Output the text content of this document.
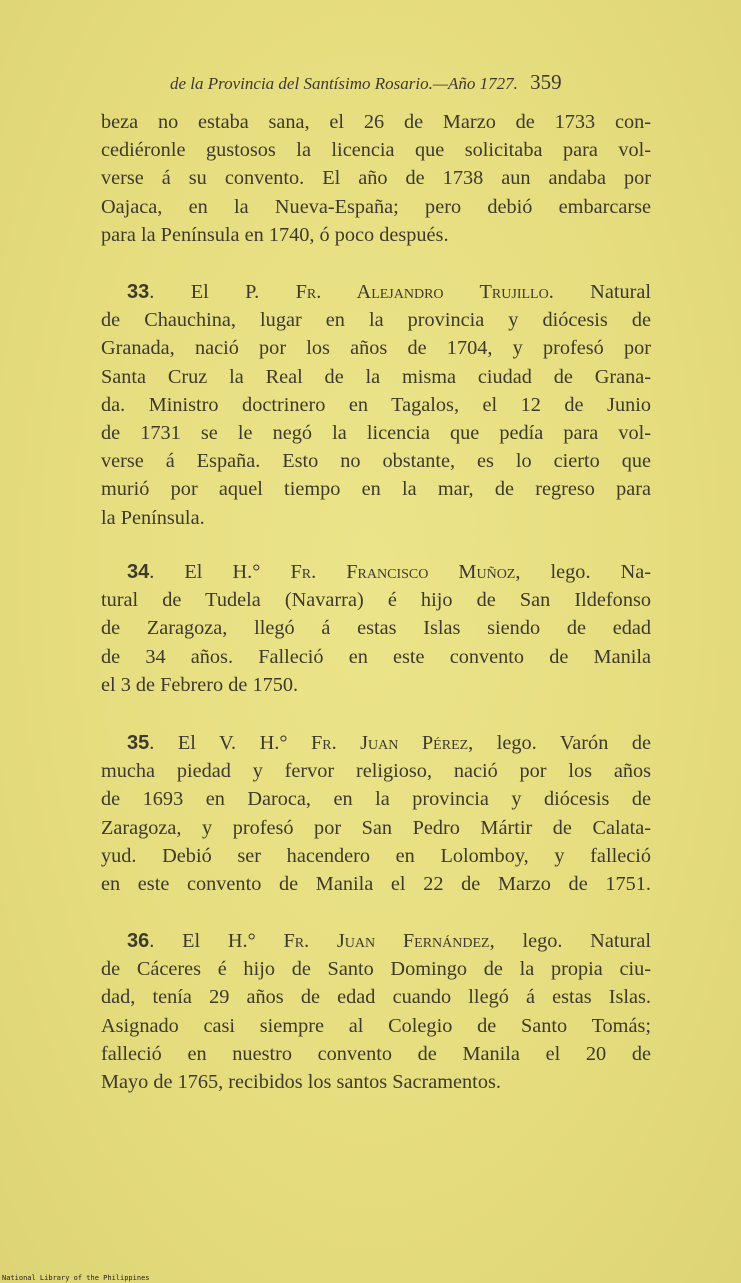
de la Provincia del Santísimo Rosario.—Año 1727. 359
beza no estaba sana, el 26 de Marzo de 1733 con-
cediéronle gustosos la licencia que solicitaba para vol-
verse á su convento. El año de 1738 aun andaba por
Oajaca, en la Nueva-España; pero debió embarcarse
para la Península en 1740, ó poco después.
33. El P. Fr. Alejandro Trujillo. Natural
de Chauchina, lugar en la provincia y diócesis de
Granada, nació por los años de 1704, y profesó por
Santa Cruz la Real de la misma ciudad de Grana-
da. Ministro doctrinero en Tagalos, el 12 de Junio
de 1731 se le negó la licencia que pedía para vol-
verse á España. Esto no obstante, es lo cierto que
murió por aquel tiempo en la mar, de regreso para
la Península.
34. El H.° Fr. Francisco Muñoz, lego. Na-
tural de Tudela (Navarra) é hijo de San Ildefonso
de Zaragoza, llegó á estas Islas siendo de edad
de 34 años. Falleció en este convento de Manila
el 3 de Febrero de 1750.
35. El V. H.° Fr. Juan Pérez, lego. Varón de
mucha piedad y fervor religioso, nació por los años
de 1693 en Daroca, en la provincia y diócesis de
Zaragoza, y profesó por San Pedro Mártir de Calata-
yud. Debió ser hacendero en Lolomboy, y falleció
en este convento de Manila el 22 de Marzo de 1751.
36. El H.° Fr. Juan Fernández, lego. Natural
de Cáceres é hijo de Santo Domingo de la propia ciu-
dad, tenía 29 años de edad cuando llegó á estas Islas.
Asignado casi siempre al Colegio de Santo Tomás;
falleció en nuestro convento de Manila el 20 de
Mayo de 1765, recibidos los santos Sacramentos.
National Library of the Philippines
